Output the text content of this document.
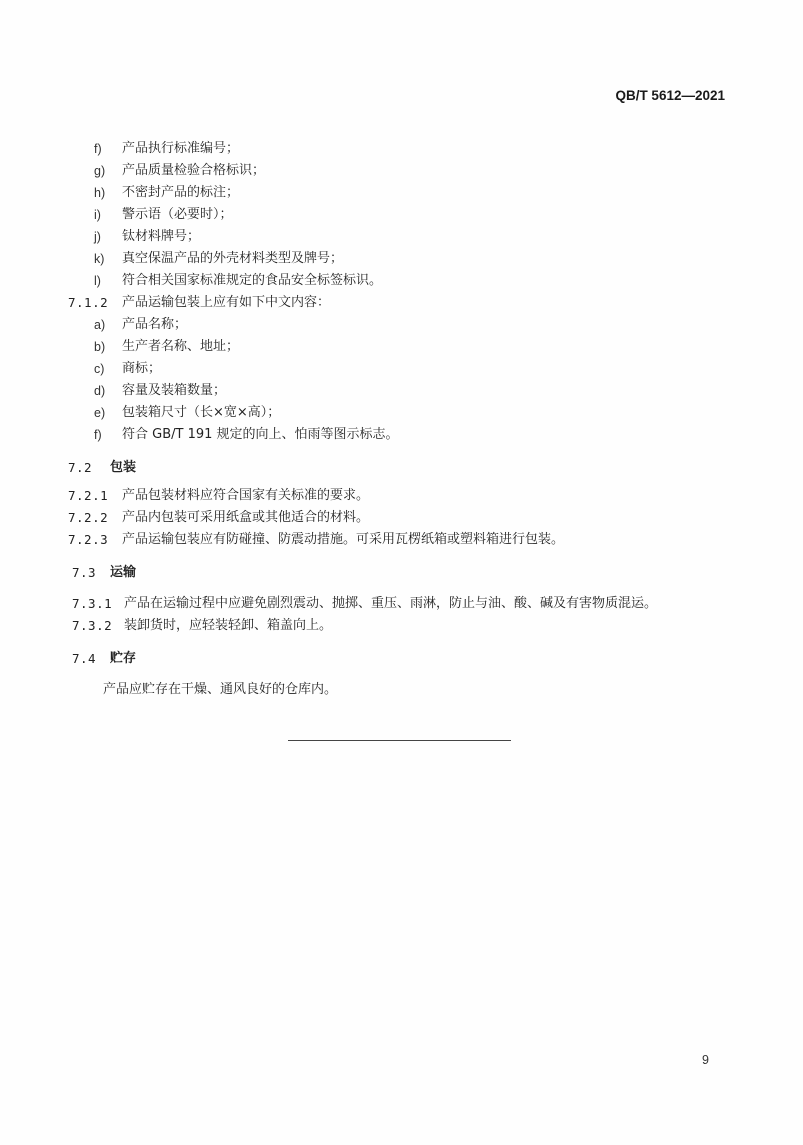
QB/T 5612—2021
f) 产品执行标准编号；
g) 产品质量检验合格标识；
h) 不密封产品的标注；
i) 警示语（必要时）；
j) 钛材料牌号；
k) 真空保温产品的外壳材料类型及牌号；
l) 符合相关国家标准规定的食品安全标签标识。
7.1.2 产品运输包装上应有如下中文内容：
a) 产品名称；
b) 生产者名称、地址；
c) 商标；
d) 容量及装箱数量；
e) 包装箱尺寸（长×宽×高）；
f) 符合 GB/T 191 规定的向上、怕雨等图示标志。
7.2 包装
7.2.1 产品包装材料应符合国家有关标准的要求。
7.2.2 产品内包装可采用纸盒或其他适合的材料。
7.2.3 产品运输包装应有防碰撞、防震动措施。可采用瓦楞纸箱或塑料箱进行包装。
7.3 运输
7.3.1 产品在运输过程中应避免剧烈震动、抛掷、重压、雨淋，防止与油、酸、碱及有害物质混运。
7.3.2 装卸货时，应轻装轻卸、箱盖向上。
7.4 贮存
产品应贮存在干燥、通风良好的仓库内。
9
